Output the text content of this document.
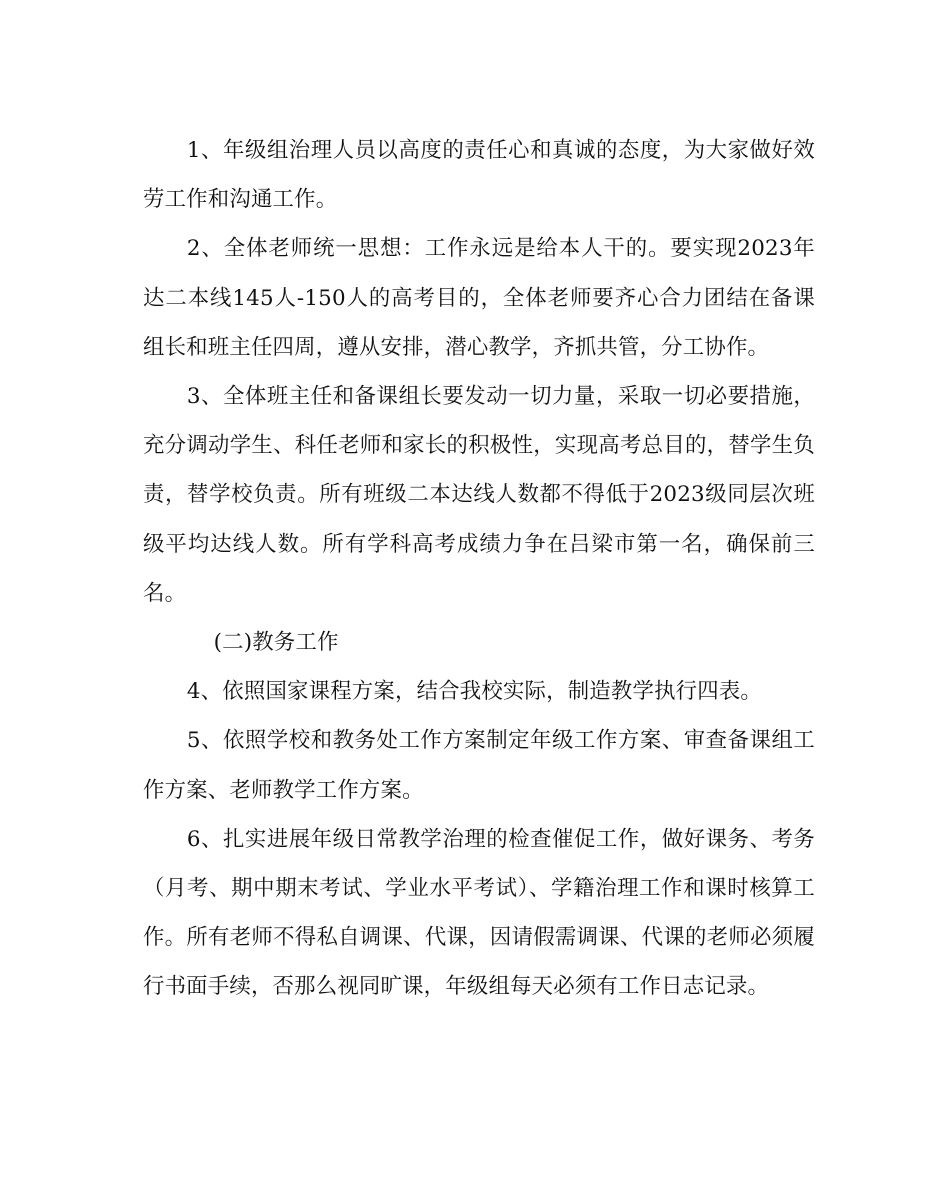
1、年级组治理人员以高度的责任心和真诚的态度，为大家做好效劳工作和沟通工作。

2、全体老师统一思想：工作永远是给本人干的。要实现2023年达二本线145人-150人的高考目的，全体老师要齐心合力团结在备课组长和班主任四周，遵从安排，潜心教学，齐抓共管，分工协作。

3、全体班主任和备课组长要发动一切力量，采取一切必要措施，充分调动学生、科任老师和家长的积极性，实现高考总目的，替学生负责，替学校负责。所有班级二本达线人数都不得低于2023级同层次班级平均达线人数。所有学科高考成绩力争在吕梁市第一名，确保前三名。

(二)教务工作

4、依照国家课程方案，结合我校实际，制造教学执行四表。

5、依照学校和教务处工作方案制定年级工作方案、审查备课组工作方案、老师教学工作方案。

6、扎实进展年级日常教学治理的检查催促工作，做好课务、考务（月考、期中期末考试、学业水平考试）、学籍治理工作和课时核算工作。所有老师不得私自调课、代课，因请假需调课、代课的老师必须履行书面手续，否那么视同旷课，年级组每天必须有工作日志记录。
